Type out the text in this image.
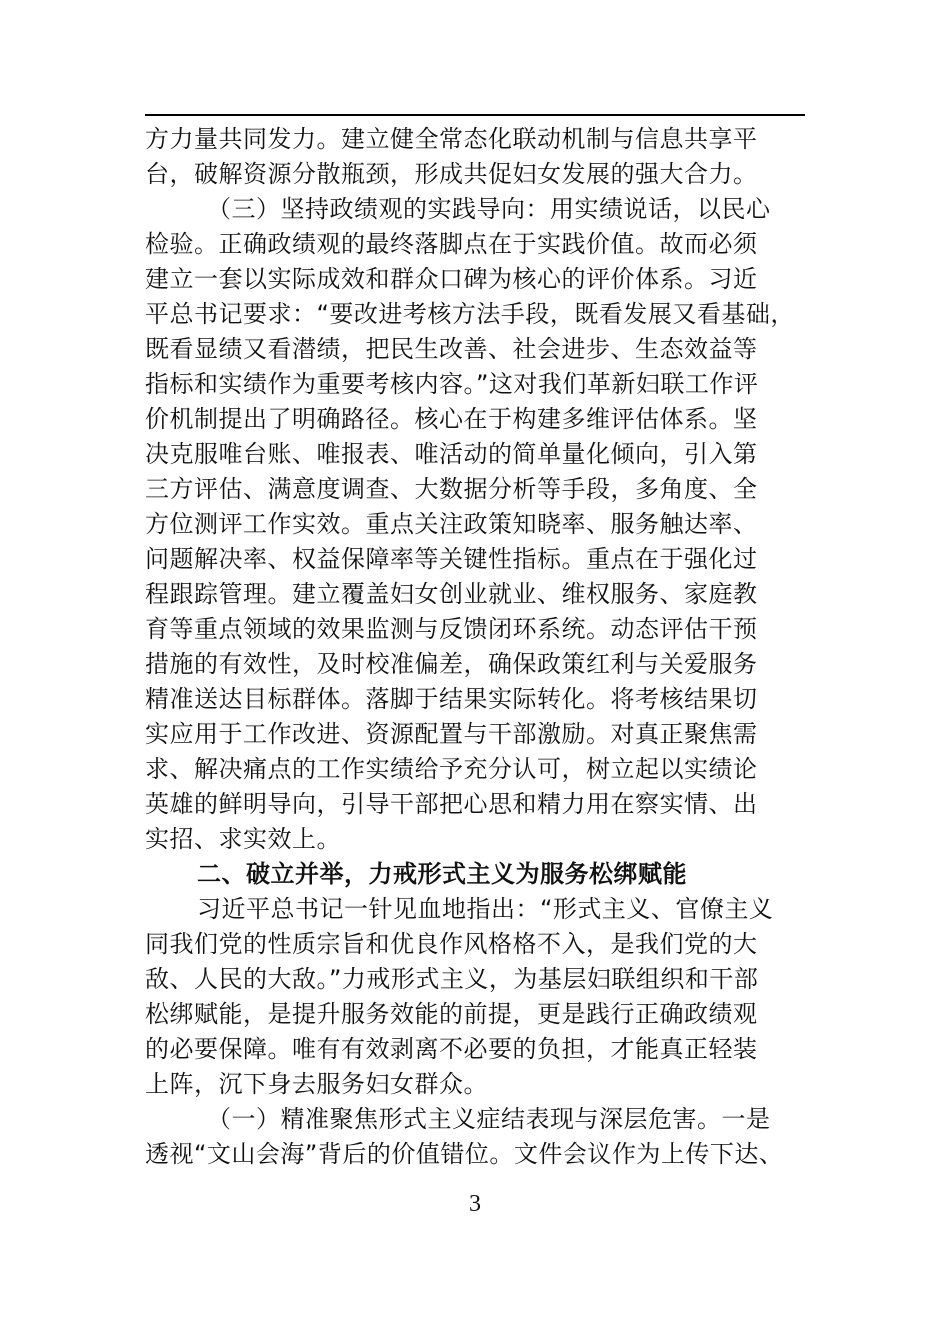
方力量共同发力。建立健全常态化联动机制与信息共享平
台，破解资源分散瓶颈，形成共促妇女发展的强大合力。
（三）坚持政绩观的实践导向：用实绩说话，以民心
检验。正确政绩观的最终落脚点在于实践价值。故而必须
建立一套以实际成效和群众口碑为核心的评价体系。习近
平总书记要求：“要改进考核方法手段，既看发展又看基础，
既看显绩又看潜绩，把民生改善、社会进步、生态效益等
指标和实绩作为重要考核内容。”这对我们革新妇联工作评
价机制提出了明确路径。核心在于构建多维评估体系。坚
决克服唯台账、唯报表、唯活动的简单量化倾向，引入第
三方评估、满意度调查、大数据分析等手段，多角度、全
方位测评工作实效。重点关注政策知晓率、服务触达率、
问题解决率、权益保障率等关键性指标。重点在于强化过
程跟踪管理。建立覆盖妇女创业就业、维权服务、家庭教
育等重点领域的效果监测与反馈闭环系统。动态评估干预
措施的有效性，及时校准偏差，确保政策红利与关爱服务
精准送达目标群体。落脚于结果实际转化。将考核结果切
实应用于工作改进、资源配置与干部激励。对真正聚焦需
求、解决痛点的工作实绩给予充分认可，树立起以实绩论
英雄的鲜明导向，引导干部把心思和精力用在察实情、出
实招、求实效上。
二、破立并举，力戒形式主义为服务松绑赋能
习近平总书记一针见血地指出：“形式主义、官僚主义
同我们党的性质宗旨和优良作风格格不入，是我们党的大
敌、人民的大敌。”力戒形式主义，为基层妇联组织和干部
松绑赋能，是提升服务效能的前提，更是践行正确政绩观
的必要保障。唯有有效剥离不必要的负担，才能真正轻装
上阵，沉下身去服务妇女群众。
（一）精准聚焦形式主义症结表现与深层危害。一是
透视“文山会海”背后的价值错位。文件会议作为上传下达、
3
